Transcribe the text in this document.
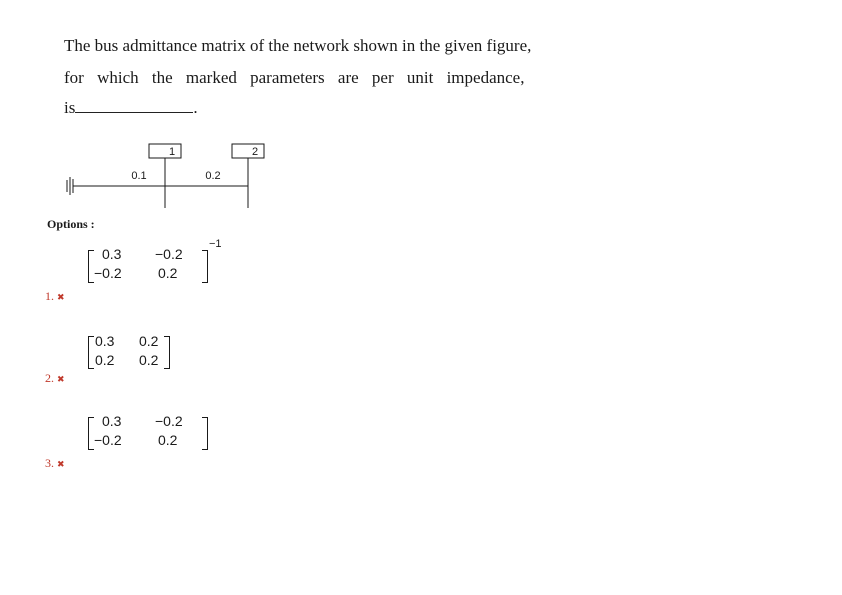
The bus admittance matrix of the network shown in the given figure,
for which the marked parameters are per unit impedance,
is	.
1	2
0.1	0.2
Options :
1. ✖
0.3 −0.2
−0.2	0.2
−1
2. ✖
0.3 0.2
0.2 0.2
3. ✖
0.3 −0.2
−0.2	0.2
